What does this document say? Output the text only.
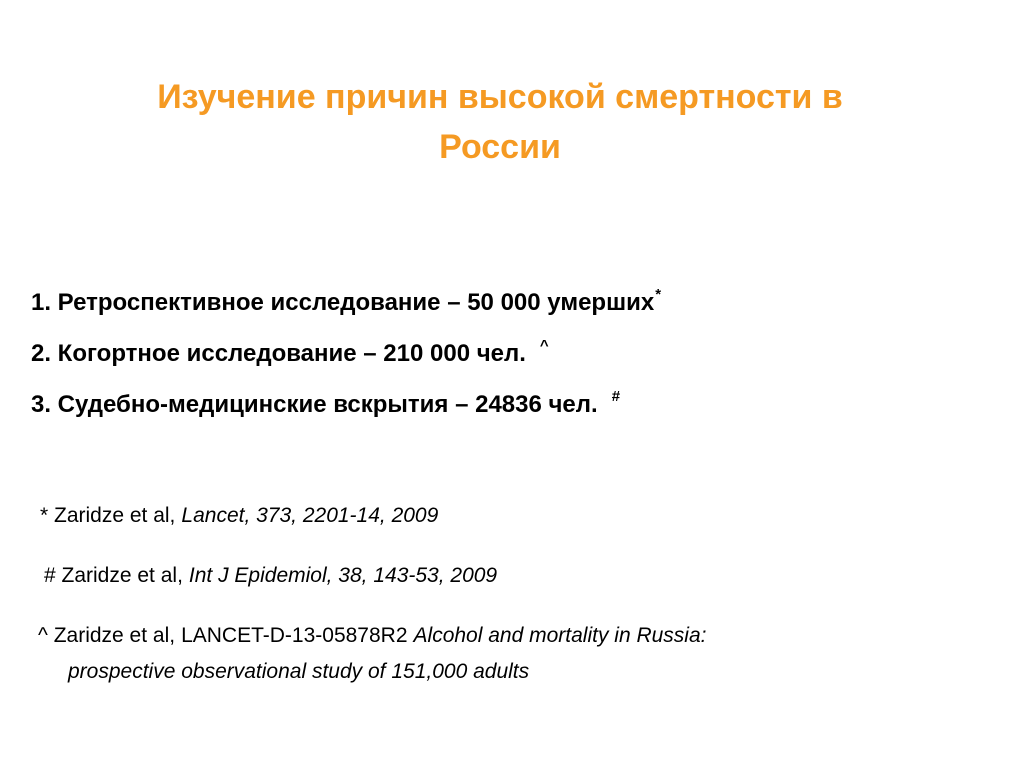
Изучение причин высокой смертности в
России
1. Ретроспективное исследование – 50 000 умерших*
2. Когортное исследование – 210 000 чел. ^
3. Судебно-медицинские вскрытия – 24836 чел. #
* Zaridze et al, Lancet, 373, 2201-14, 2009
# Zaridze et al, Int J Epidemiol, 38, 143-53, 2009
^ Zaridze et al, LANCET-D-13-05878R2 Alcohol and mortality in Russia:
prospective observational study of 151,000 adults
